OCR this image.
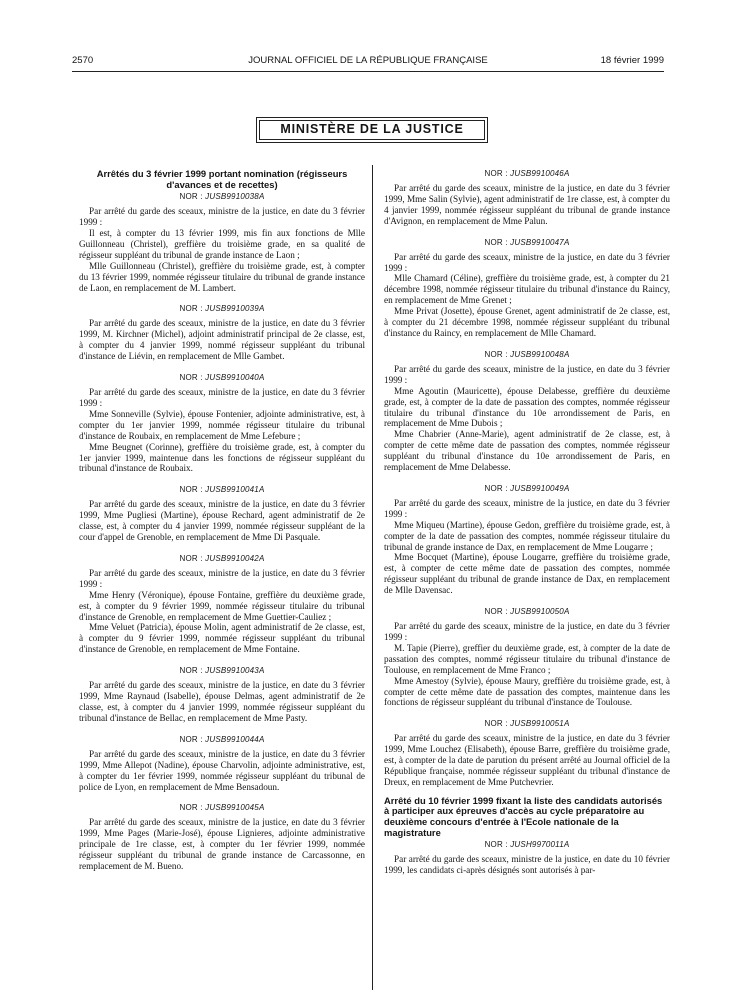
2570	JOURNAL OFFICIEL DE LA RÉPUBLIQUE FRANÇAISE	18 février 1999
MINISTÈRE DE LA JUSTICE
Arrêtés du 3 février 1999 portant nomination (régisseurs d'avances et de recettes)
NOR : JUSB9910038A

Par arrêté du garde des sceaux, ministre de la justice, en date du 3 février 1999 :

Il est, à compter du 13 février 1999, mis fin aux fonctions de Mlle Guillonneau (Christel), greffière du troisième grade, en sa qualité de régisseur suppléant du tribunal de grande instance de Laon ;

Mlle Guillonneau (Christel), greffière du troisième grade, est, à compter du 13 février 1999, nommée régisseur titulaire du tribunal de grande instance de Laon, en remplacement de M. Lambert.

NOR : JUSB9910039A

Par arrêté du garde des sceaux, ministre de la justice, en date du 3 février 1999, M. Kirchner (Michel), adjoint administratif principal de 2e classe, est, à compter du 4 janvier 1999, nommé régisseur suppléant du tribunal d'instance de Liévin, en remplacement de Mlle Gambet.

NOR : JUSB9910040A

Par arrêté du garde des sceaux, ministre de la justice, en date du 3 février 1999 :

Mme Sonneville (Sylvie), épouse Fontenier, adjointe administrative, est, à compter du 1er janvier 1999, nommée régisseur titulaire du tribunal d'instance de Roubaix, en remplacement de Mme Lefebure ;

Mme Beugnet (Corinne), greffière du troisième grade, est, à compter du 1er janvier 1999, maintenue dans les fonctions de régisseur suppléant du tribunal d'instance de Roubaix.

NOR : JUSB9910041A

Par arrêté du garde des sceaux, ministre de la justice, en date du 3 février 1999, Mme Pugliesi (Martine), épouse Rechard, agent administratif de 2e classe, est, à compter du 4 janvier 1999, nommée régisseur suppléant de la cour d'appel de Grenoble, en remplacement de Mme Di Pasquale.

NOR : JUSB9910042A

Par arrêté du garde des sceaux, ministre de la justice, en date du 3 février 1999 :

Mme Henry (Véronique), épouse Fontaine, greffière du deuxième grade, est, à compter du 9 février 1999, nommée régisseur titulaire du tribunal d'instance de Grenoble, en remplacement de Mme Guettier-Cauliez ;

Mme Veluet (Patricia), épouse Molin, agent administratif de 2e classe, est, à compter du 9 février 1999, nommée régisseur suppléant du tribunal d'instance de Grenoble, en remplacement de Mme Fontaine.

NOR : JUSB9910043A

Par arrêté du garde des sceaux, ministre de la justice, en date du 3 février 1999, Mme Raynaud (Isabelle), épouse Delmas, agent administratif de 2e classe, est, à compter du 4 janvier 1999, nommée régisseur suppléant du tribunal d'instance de Bellac, en remplacement de Mme Pasty.

NOR : JUSB9910044A

Par arrêté du garde des sceaux, ministre de la justice, en date du 3 février 1999, Mme Allepot (Nadine), épouse Charvolin, adjointe administrative, est, à compter du 1er février 1999, nommée régisseur suppléant du tribunal de police de Lyon, en remplacement de Mme Bensadoun.

NOR : JUSB9910045A

Par arrêté du garde des sceaux, ministre de la justice, en date du 3 février 1999, Mme Pages (Marie-José), épouse Lignieres, adjointe administrative principale de 1re classe, est, à compter du 1er février 1999, nommée régisseur suppléant du tribunal de grande instance de Carcassonne, en remplacement de M. Bueno.

NOR : JUSB9910046A

Par arrêté du garde des sceaux, ministre de la justice, en date du 3 février 1999, Mme Salin (Sylvie), agent administratif de 1re classe, est, à compter du 4 janvier 1999, nommée régisseur suppléant du tribunal de grande instance d'Avignon, en remplacement de Mme Palun.

NOR : JUSB9910047A

Par arrêté du garde des sceaux, ministre de la justice, en date du 3 février 1999 :

Mlle Chamard (Céline), greffière du troisième grade, est, à compter du 21 décembre 1998, nommée régisseur titulaire du tribunal d'instance du Raincy, en remplacement de Mme Grenet ;

Mme Privat (Josette), épouse Grenet, agent administratif de 2e classe, est, à compter du 21 décembre 1998, nommée régisseur suppléant du tribunal d'instance du Raincy, en remplacement de Mlle Chamard.

NOR : JUSB9910048A

Par arrêté du garde des sceaux, ministre de la justice, en date du 3 février 1999 :

Mme Agoutin (Mauricette), épouse Delabesse, greffière du deuxième grade, est, à compter de la date de passation des comptes, nommée régisseur titulaire du tribunal d'instance du 10e arrondissement de Paris, en remplacement de Mme Dubois ;

Mme Chabrier (Anne-Marie), agent administratif de 2e classe, est, à compter de cette même date de passation des comptes, nommée régisseur suppléant du tribunal d'instance du 10e arrondissement de Paris, en remplacement de Mme Delabesse.

NOR : JUSB9910049A

Par arrêté du garde des sceaux, ministre de la justice, en date du 3 février 1999 :

Mme Miqueu (Martine), épouse Gedon, greffière du troisième grade, est, à compter de la date de passation des comptes, nommée régisseur titulaire du tribunal de grande instance de Dax, en remplacement de Mme Lougarre ;

Mme Bocquet (Martine), épouse Lougarre, greffière du troisième grade, est, à compter de cette même date de passation des comptes, nommée régisseur suppléant du tribunal de grande instance de Dax, en remplacement de Mlle Davensac.

NOR : JUSB9910050A

Par arrêté du garde des sceaux, ministre de la justice, en date du 3 février 1999 :

M. Tapie (Pierre), greffier du deuxième grade, est, à compter de la date de passation des comptes, nommé régisseur titulaire du tribunal d'instance de Toulouse, en remplacement de Mme Franco ;

Mme Amestoy (Sylvie), épouse Maury, greffière du troisième grade, est, à compter de cette même date de passation des comptes, maintenue dans les fonctions de régisseur suppléant du tribunal d'instance de Toulouse.

NOR : JUSB9910051A

Par arrêté du garde des sceaux, ministre de la justice, en date du 3 février 1999, Mme Louchez (Elisabeth), épouse Barre, greffière du troisième grade, est, à compter de la date de parution du présent arrêté au Journal officiel de la République française, nommée régisseur suppléant du tribunal d'instance de Dreux, en remplacement de Mme Putchevrier.

Arrêté du 10 février 1999 fixant la liste des candidats autorisés à participer aux épreuves d'accès au cycle préparatoire au deuxième concours d'entrée à l'Ecole nationale de la magistrature
NOR : JUSH9970011A

Par arrêté du garde des sceaux, ministre de la justice, en date du 10 février 1999, les candidats ci-après désignés sont autorisés à par-
